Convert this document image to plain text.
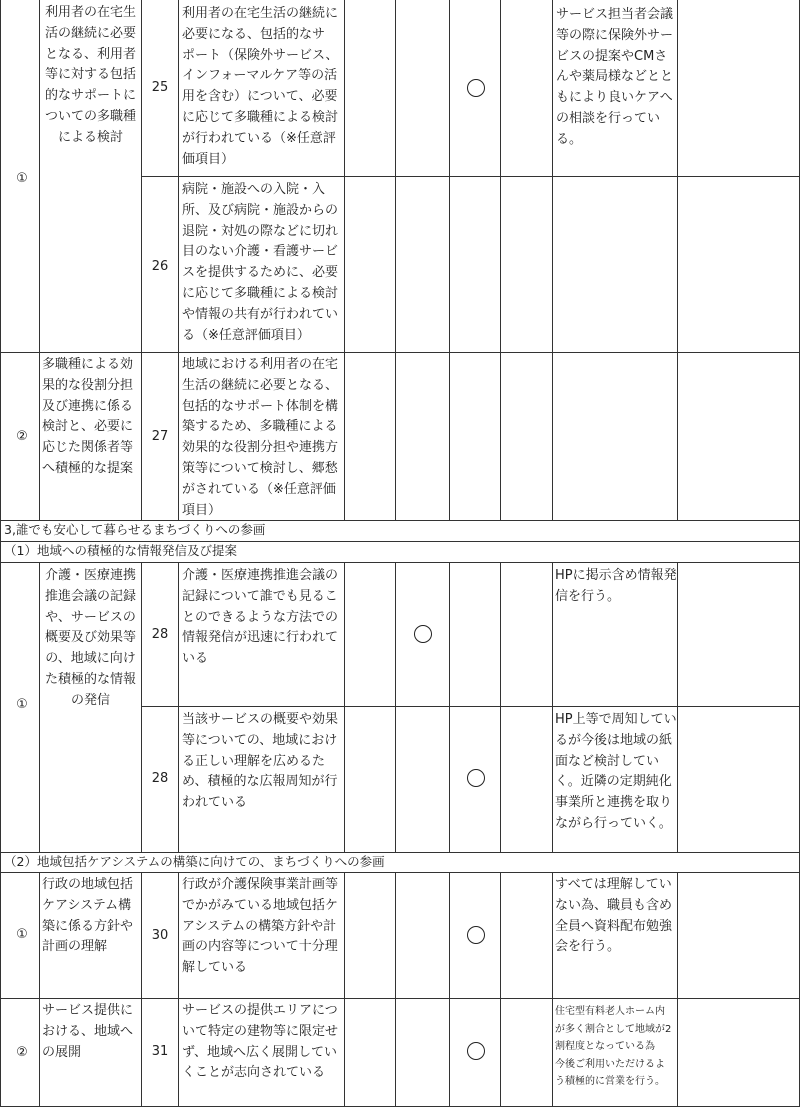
①
利用者の在宅生
活の継続に必要
となる、利用者
等に対する包括
的なサポートに
ついての多職種
による検討
25
利用者の在宅生活の継続に
必要になる、包括的なサ
ポート（保険外サービス、
インフォーマルケア等の活
用を含む）について、必要
に応じて多職種による検討
が行われている（※任意評
価項目）
サービス担当者会議
等の際に保険外サー
ビスの提案やCMさ
んや薬局様などとと
もにより良いケアへ
の相談を行ってい
る。
26
病院・施設への入院・入
所、及び病院・施設からの
退院・対処の際などに切れ
目のない介護・看護サービ
スを提供するために、必要
に応じて多職種による検討
や情報の共有が行われてい
る（※任意評価項目）
②
多職種による効
果的な役割分担
及び連携に係る
検討と、必要に
応じた関係者等
へ積極的な提案
27
地域における利用者の在宅
生活の継続に必要となる、
包括的なサポート体制を構
築するため、多職種による
効果的な役割分担や連携方
策等について検討し、郷愁
がされている（※任意評価
項目）
3,誰でも安心して暮らせるまちづくりへの参画
（1）地域への積極的な情報発信及び提案
①
介護・医療連携
推進会議の記録
や、サービスの
概要及び効果等
の、地域に向け
た積極的な情報
の発信
28
介護・医療連携推進会議の
記録について誰でも見るこ
とのできるような方法での
情報発信が迅速に行われて
いる
HPに掲示含め情報発
信を行う。
28
当該サービスの概要や効果
等についての、地域におけ
る正しい理解を広めるた
め、積極的な広報周知が行
われている
HP上等で周知してい
るが今後は地域の紙
面など検討してい
く。近隣の定期純化
事業所と連携を取り
ながら行っていく。
（2）地域包括ケアシステムの構築に向けての、まちづくりへの参画
①
行政の地域包括
ケアシステム構
築に係る方針や
計画の理解
30
行政が介護保険事業計画等
でかがみている地域包括ケ
アシステムの構築方針や計
画の内容等について十分理
解している
すべては理解してい
ない為、職員も含め
全員へ資料配布勉強
会を行う。
②
サービス提供に
おける、地域へ
の展開	31
サービスの提供エリアにつ
いて特定の建物等に限定せ
ず、地域へ広く展開してい
くことが志向されている
住宅型有料老人ホーム内
が多く割合として地域が2
割程度となっている為
今後ご利用いただけるよ
う積極的に営業を行う。
